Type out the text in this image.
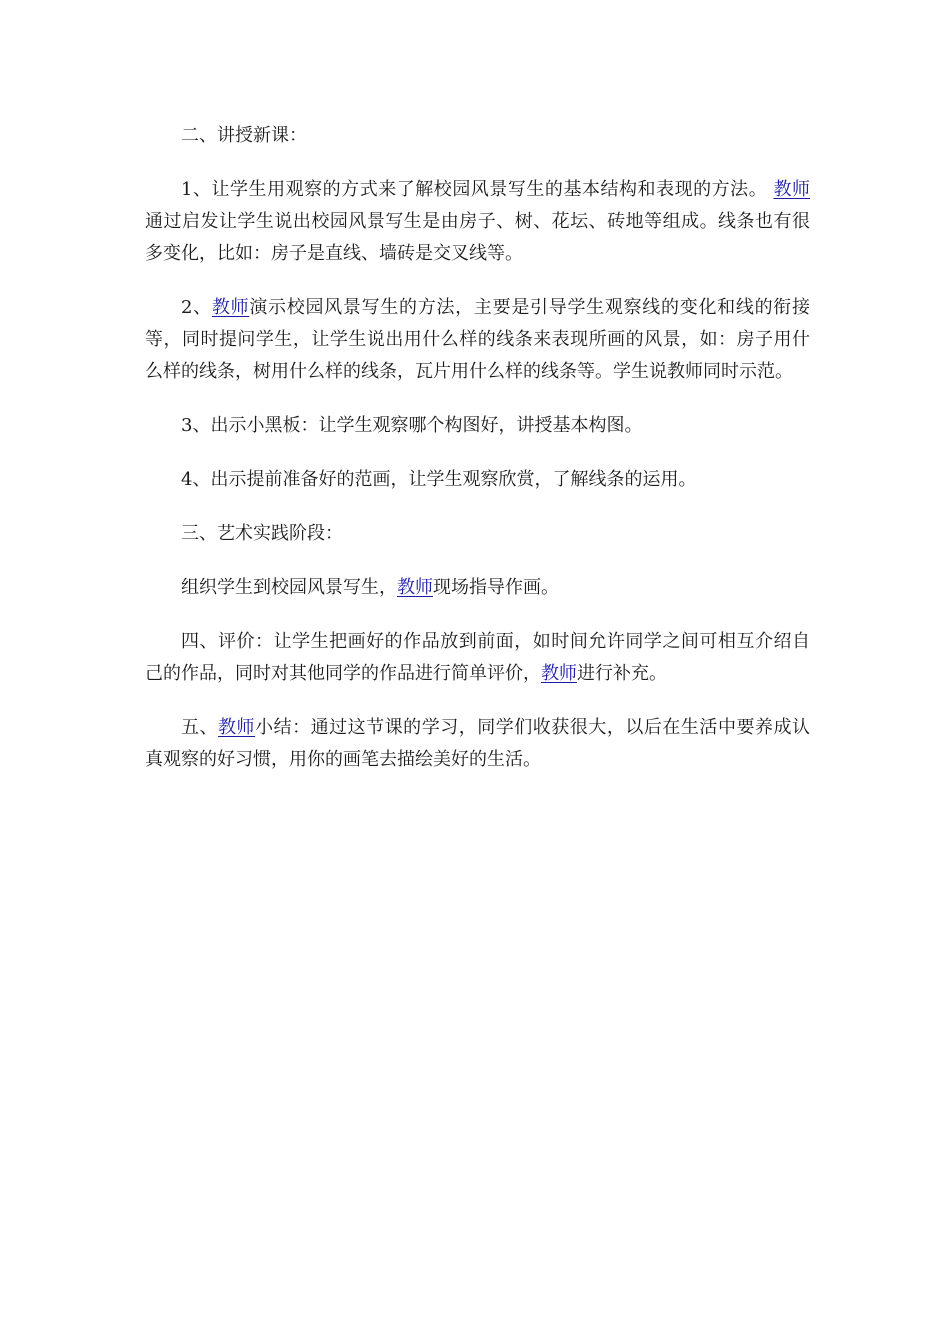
二、讲授新课：

1、让学生用观察的方式来了解校园风景写生的基本结构和表现的方法。 教师通过启发让学生说出校园风景写生是由房子、树、花坛、砖地等组成。线条也有很多变化，比如：房子是直线、墙砖是交叉线等。

2、教师演示校园风景写生的方法，主要是引导学生观察线的变化和线的衔接等，同时提问学生，让学生说出用什么样的线条来表现所画的风景，如：房子用什么样的线条，树用什么样的线条，瓦片用什么样的线条等。学生说教师同时示范。

3、出示小黑板：让学生观察哪个构图好，讲授基本构图。

4、出示提前准备好的范画，让学生观察欣赏，了解线条的运用。

三、艺术实践阶段：

组织学生到校园风景写生，教师现场指导作画。

四、评价：让学生把画好的作品放到前面，如时间允许同学之间可相互介绍自己的作品，同时对其他同学的作品进行简单评价，教师进行补充。

五、教师小结：通过这节课的学习，同学们收获很大，以后在生活中要养成认真观察的好习惯，用你的画笔去描绘美好的生活。
